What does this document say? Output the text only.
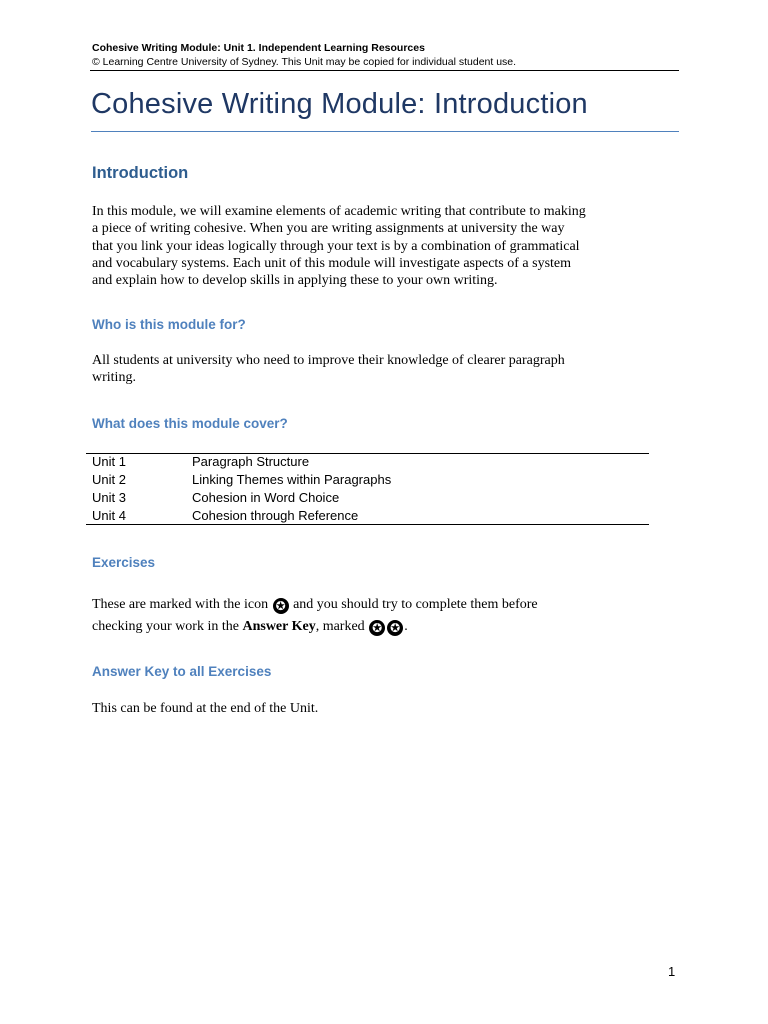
Cohesive Writing Module: Unit 1. Independent Learning Resources
© Learning Centre University of Sydney. This Unit may be copied for individual student use.
Cohesive Writing Module: Introduction
Introduction
In this module, we will examine elements of academic writing that contribute to making
a piece of writing cohesive. When you are writing assignments at university the way
that you link your ideas logically through your text is by a combination of grammatical
and vocabulary systems. Each unit of this module will investigate aspects of a system
and explain how to develop skills in applying these to your own writing.
Who is this module for?
All students at university who need to improve their knowledge of clearer paragraph
writing.
What does this module cover?
Unit 1	Paragraph Structure
Unit 2	Linking Themes within Paragraphs
Unit 3	Cohesion in Word Choice
Unit 4	Cohesion through Reference
Exercises
These are marked with the icon ✪ and you should try to complete them before
checking your work in the Answer Key, marked ✪ ✪ .
Answer Key to all Exercises
This can be found at the end of the Unit.
1
